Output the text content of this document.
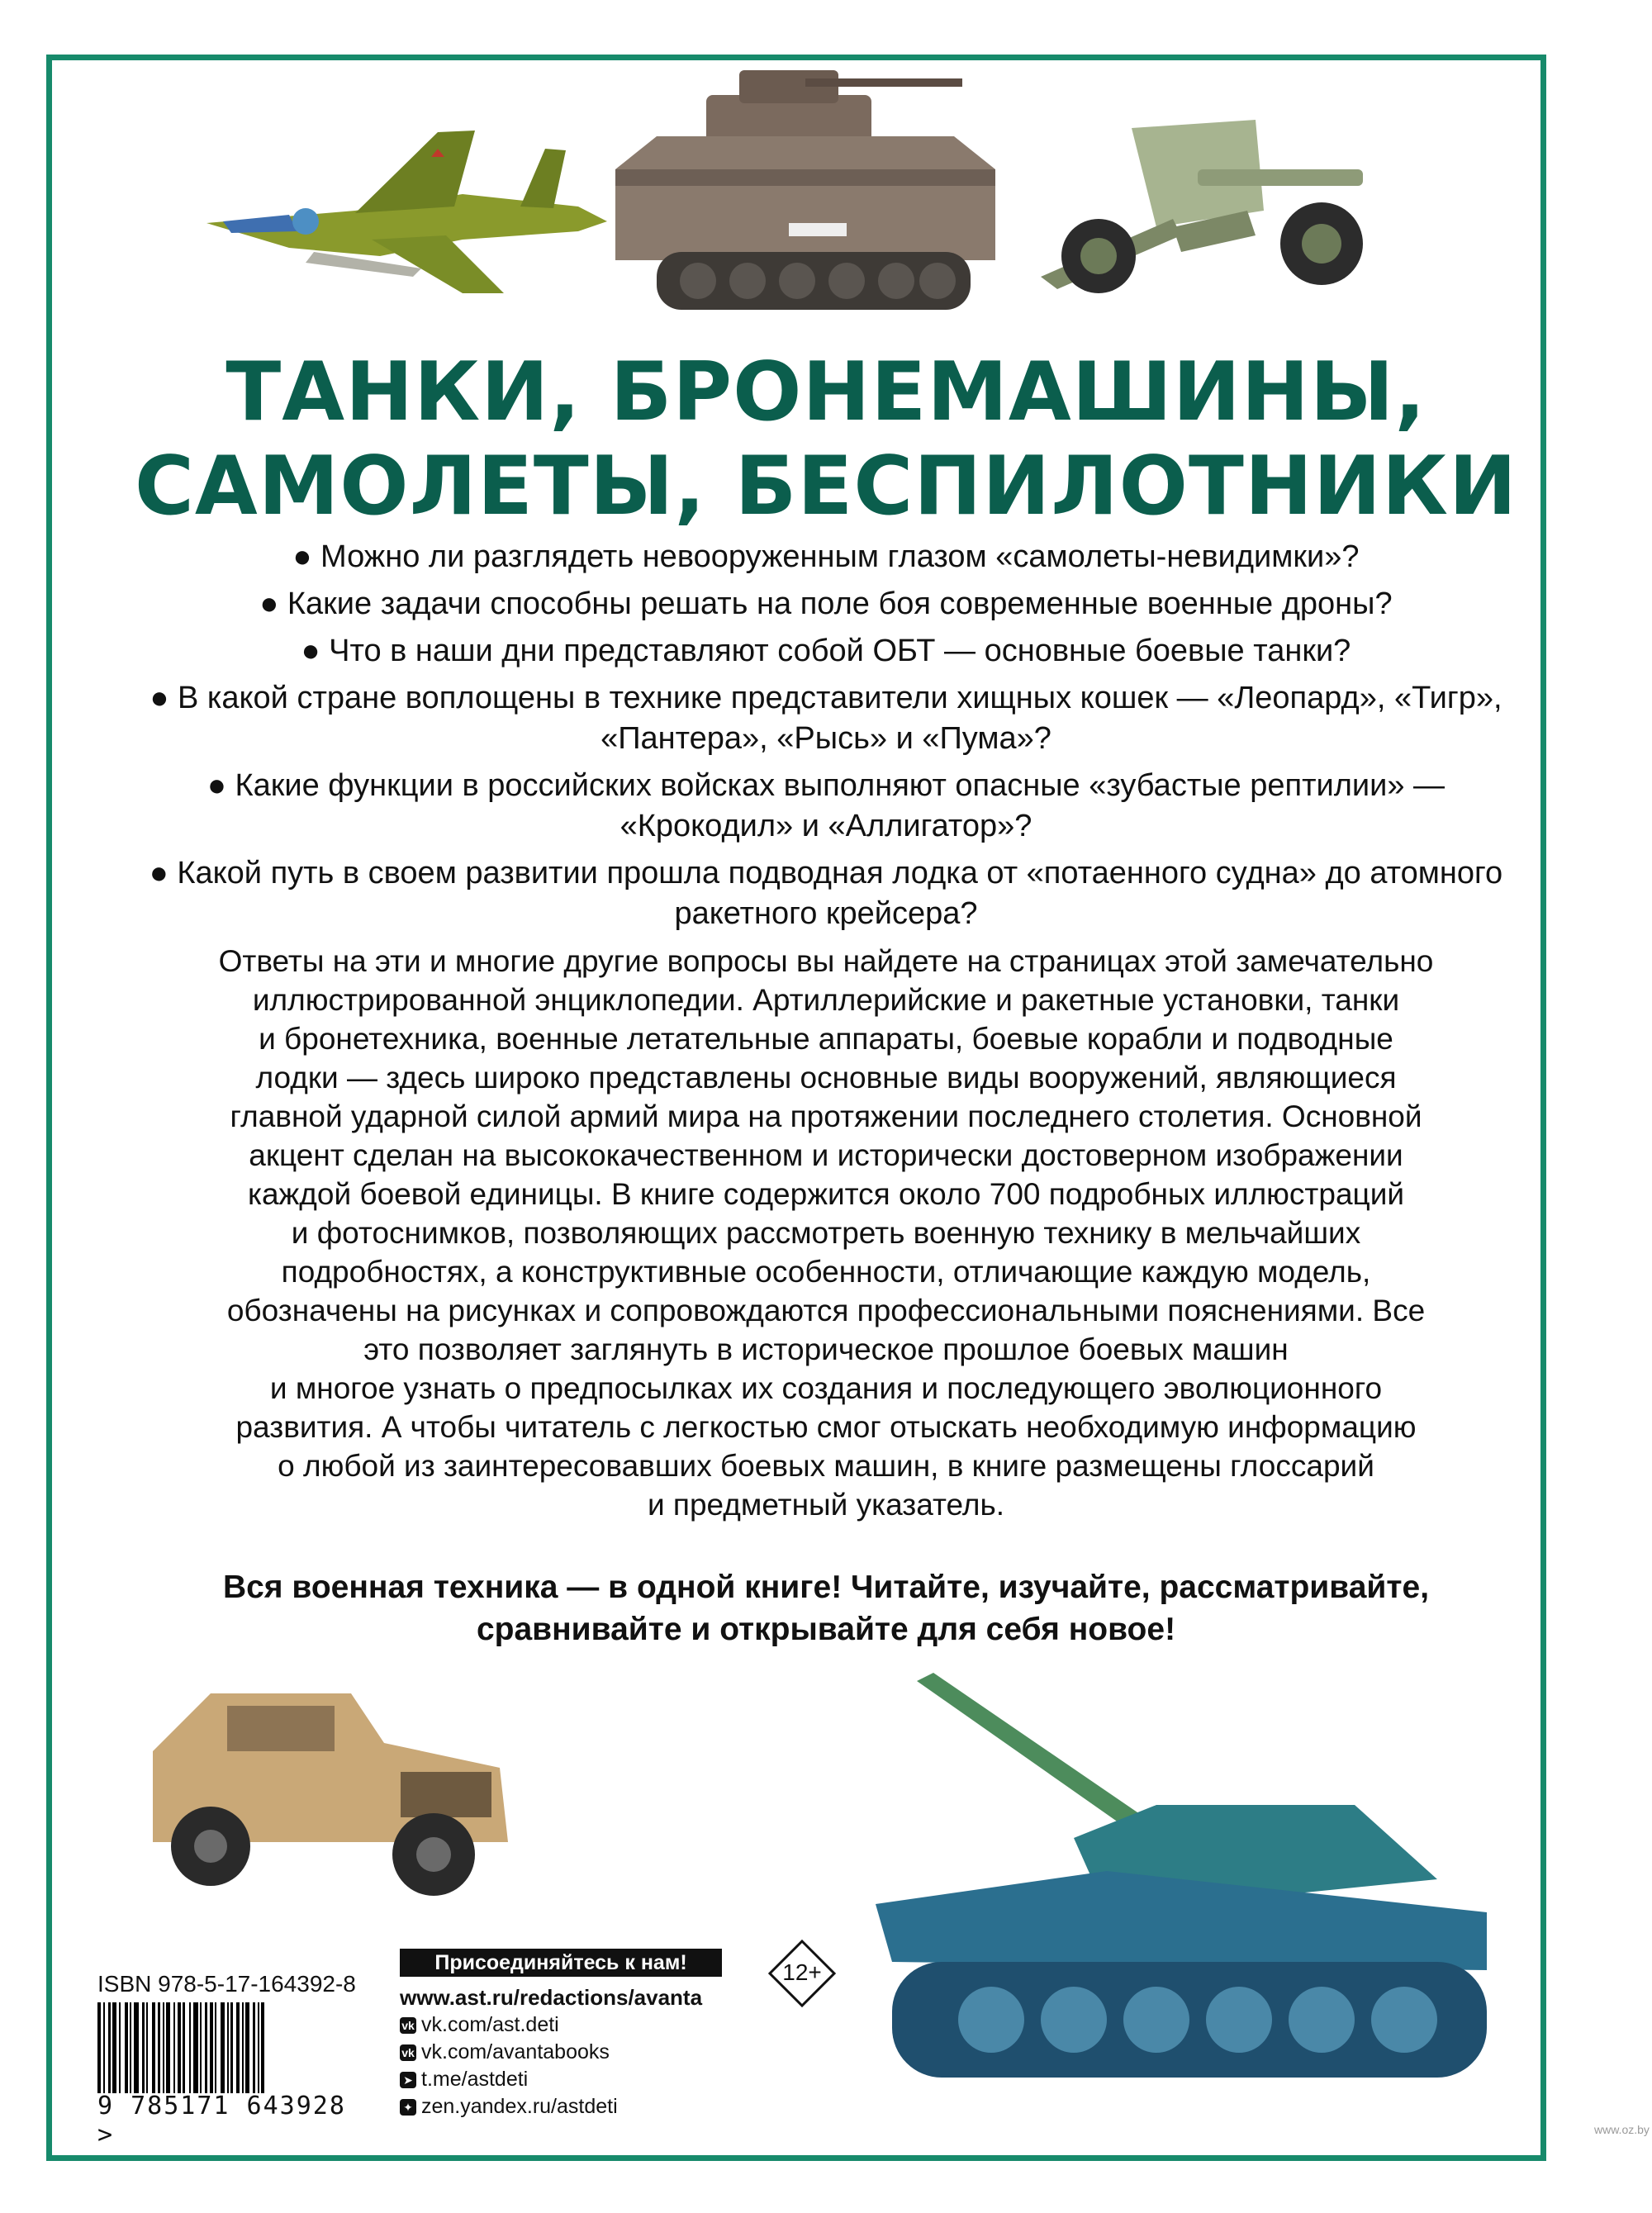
ТАНКИ, БРОНЕМАШИНЫ,
САМОЛЕТЫ, БЕСПИЛОТНИКИ
● Можно ли разглядеть невооруженным глазом «самолеты-невидимки»?
● Какие задачи способны решать на поле боя современные военные дроны?
● Что в наши дни представляют собой ОБТ — основные боевые танки?
● В какой стране воплощены в технике представители хищных кошек — «Леопард», «Тигр», «Пантера», «Рысь» и «Пума»?
● Какие функции в российских войсках выполняют опасные «зубастые рептилии» — «Крокодил» и «Аллигатор»?
● Какой путь в своем развитии прошла подводная лодка от «потаенного судна» до атомного ракетного крейсера?
Ответы на эти и многие другие вопросы вы найдете на страницах этой замечательно
иллюстрированной энциклопедии. Артиллерийские и ракетные установки, танки
и бронетехника, военные летательные аппараты, боевые корабли и подводные
лодки — здесь широко представлены основные виды вооружений, являющиеся
главной ударной силой армий мира на протяжении последнего столетия. Основной
акцент сделан на высококачественном и исторически достоверном изображении
каждой боевой единицы. В книге содержится около 700 подробных иллюстраций
и фотоснимков, позволяющих рассмотреть военную технику в мельчайших
подробностях, а конструктивные особенности, отличающие каждую модель,
обозначены на рисунках и сопровождаются профессиональными пояснениями. Все
это позволяет заглянуть в историческое прошлое боевых машин
и многое узнать о предпосылках их создания и последующего эволюционного
развития. А чтобы читатель с легкостью смог отыскать необходимую информацию
о любой из заинтересовавших боевых машин, в книге размещены глоссарий
и предметный указатель.
Вся военная техника — в одной книге! Читайте, изучайте, рассматривайте,
сравнивайте и открывайте для себя новое!
ISBN 978-5-17-164392-8
9 785171 643928 >
Присоединяйтесь к нам!
www.ast.ru/redactions/avanta
vk vk.com/ast.deti
vk vk.com/avantabooks
➤ t.me/astdeti
✦ zen.yandex.ru/astdeti
12+
www.oz.by
